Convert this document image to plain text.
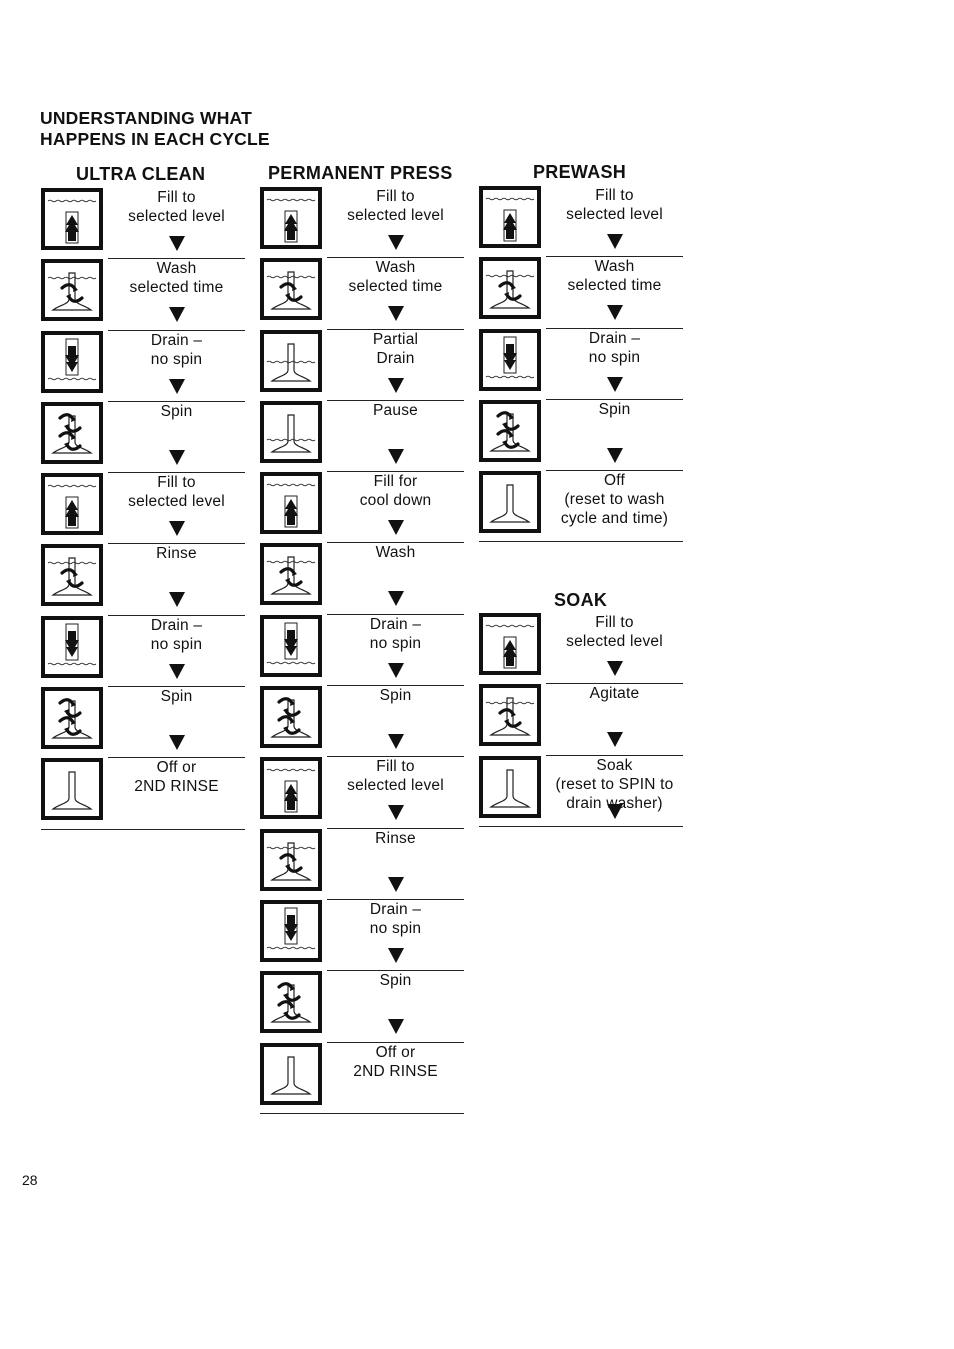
UNDERSTANDING WHAT
HAPPENS IN EACH CYCLE
ULTRA CLEAN	PERMANENT PRESS	PREWASH
SOAK
Fill to
selected level
Wash
selected time
Drain –
no spin
Spin
Fill to
selected level
Rinse
Drain –
no spin
Spin
Off or
2ND RINSE
Fill to
selected level
Wash
selected time
Partial
Drain
Pause
Fill for
cool down
Wash
Drain –
no spin
Spin
Fill to
selected level
Rinse
Drain –
no spin
Spin
Off or
2ND RINSE
Fill to
selected level
Wash
selected time
Drain –
no spin
Spin
Off
(reset to wash
cycle and time)
Fill to
selected level
Agitate
Soak
(reset to SPIN to
drain washer)
28
